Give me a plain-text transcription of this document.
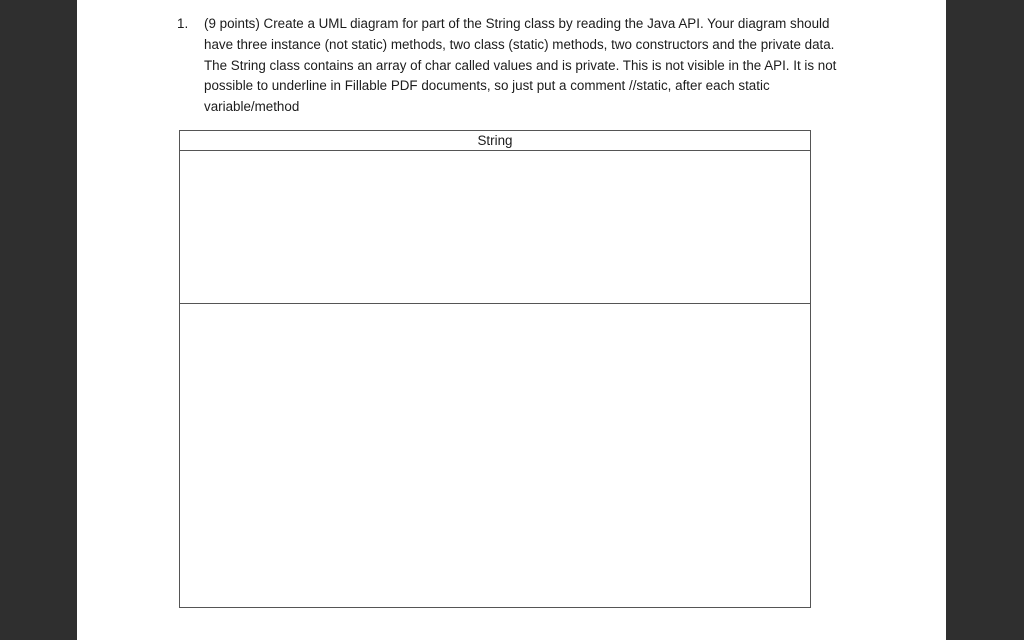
1. (9 points) Create a UML diagram for part of the String class by reading the Java API. Your diagram should have three instance (not static) methods, two class (static) methods, two constructors and the private data. The String class contains an array of char called values and is private. This is not visible in the API. It is not possible to underline in Fillable PDF documents, so just put a comment //static, after each static variable/method
String
